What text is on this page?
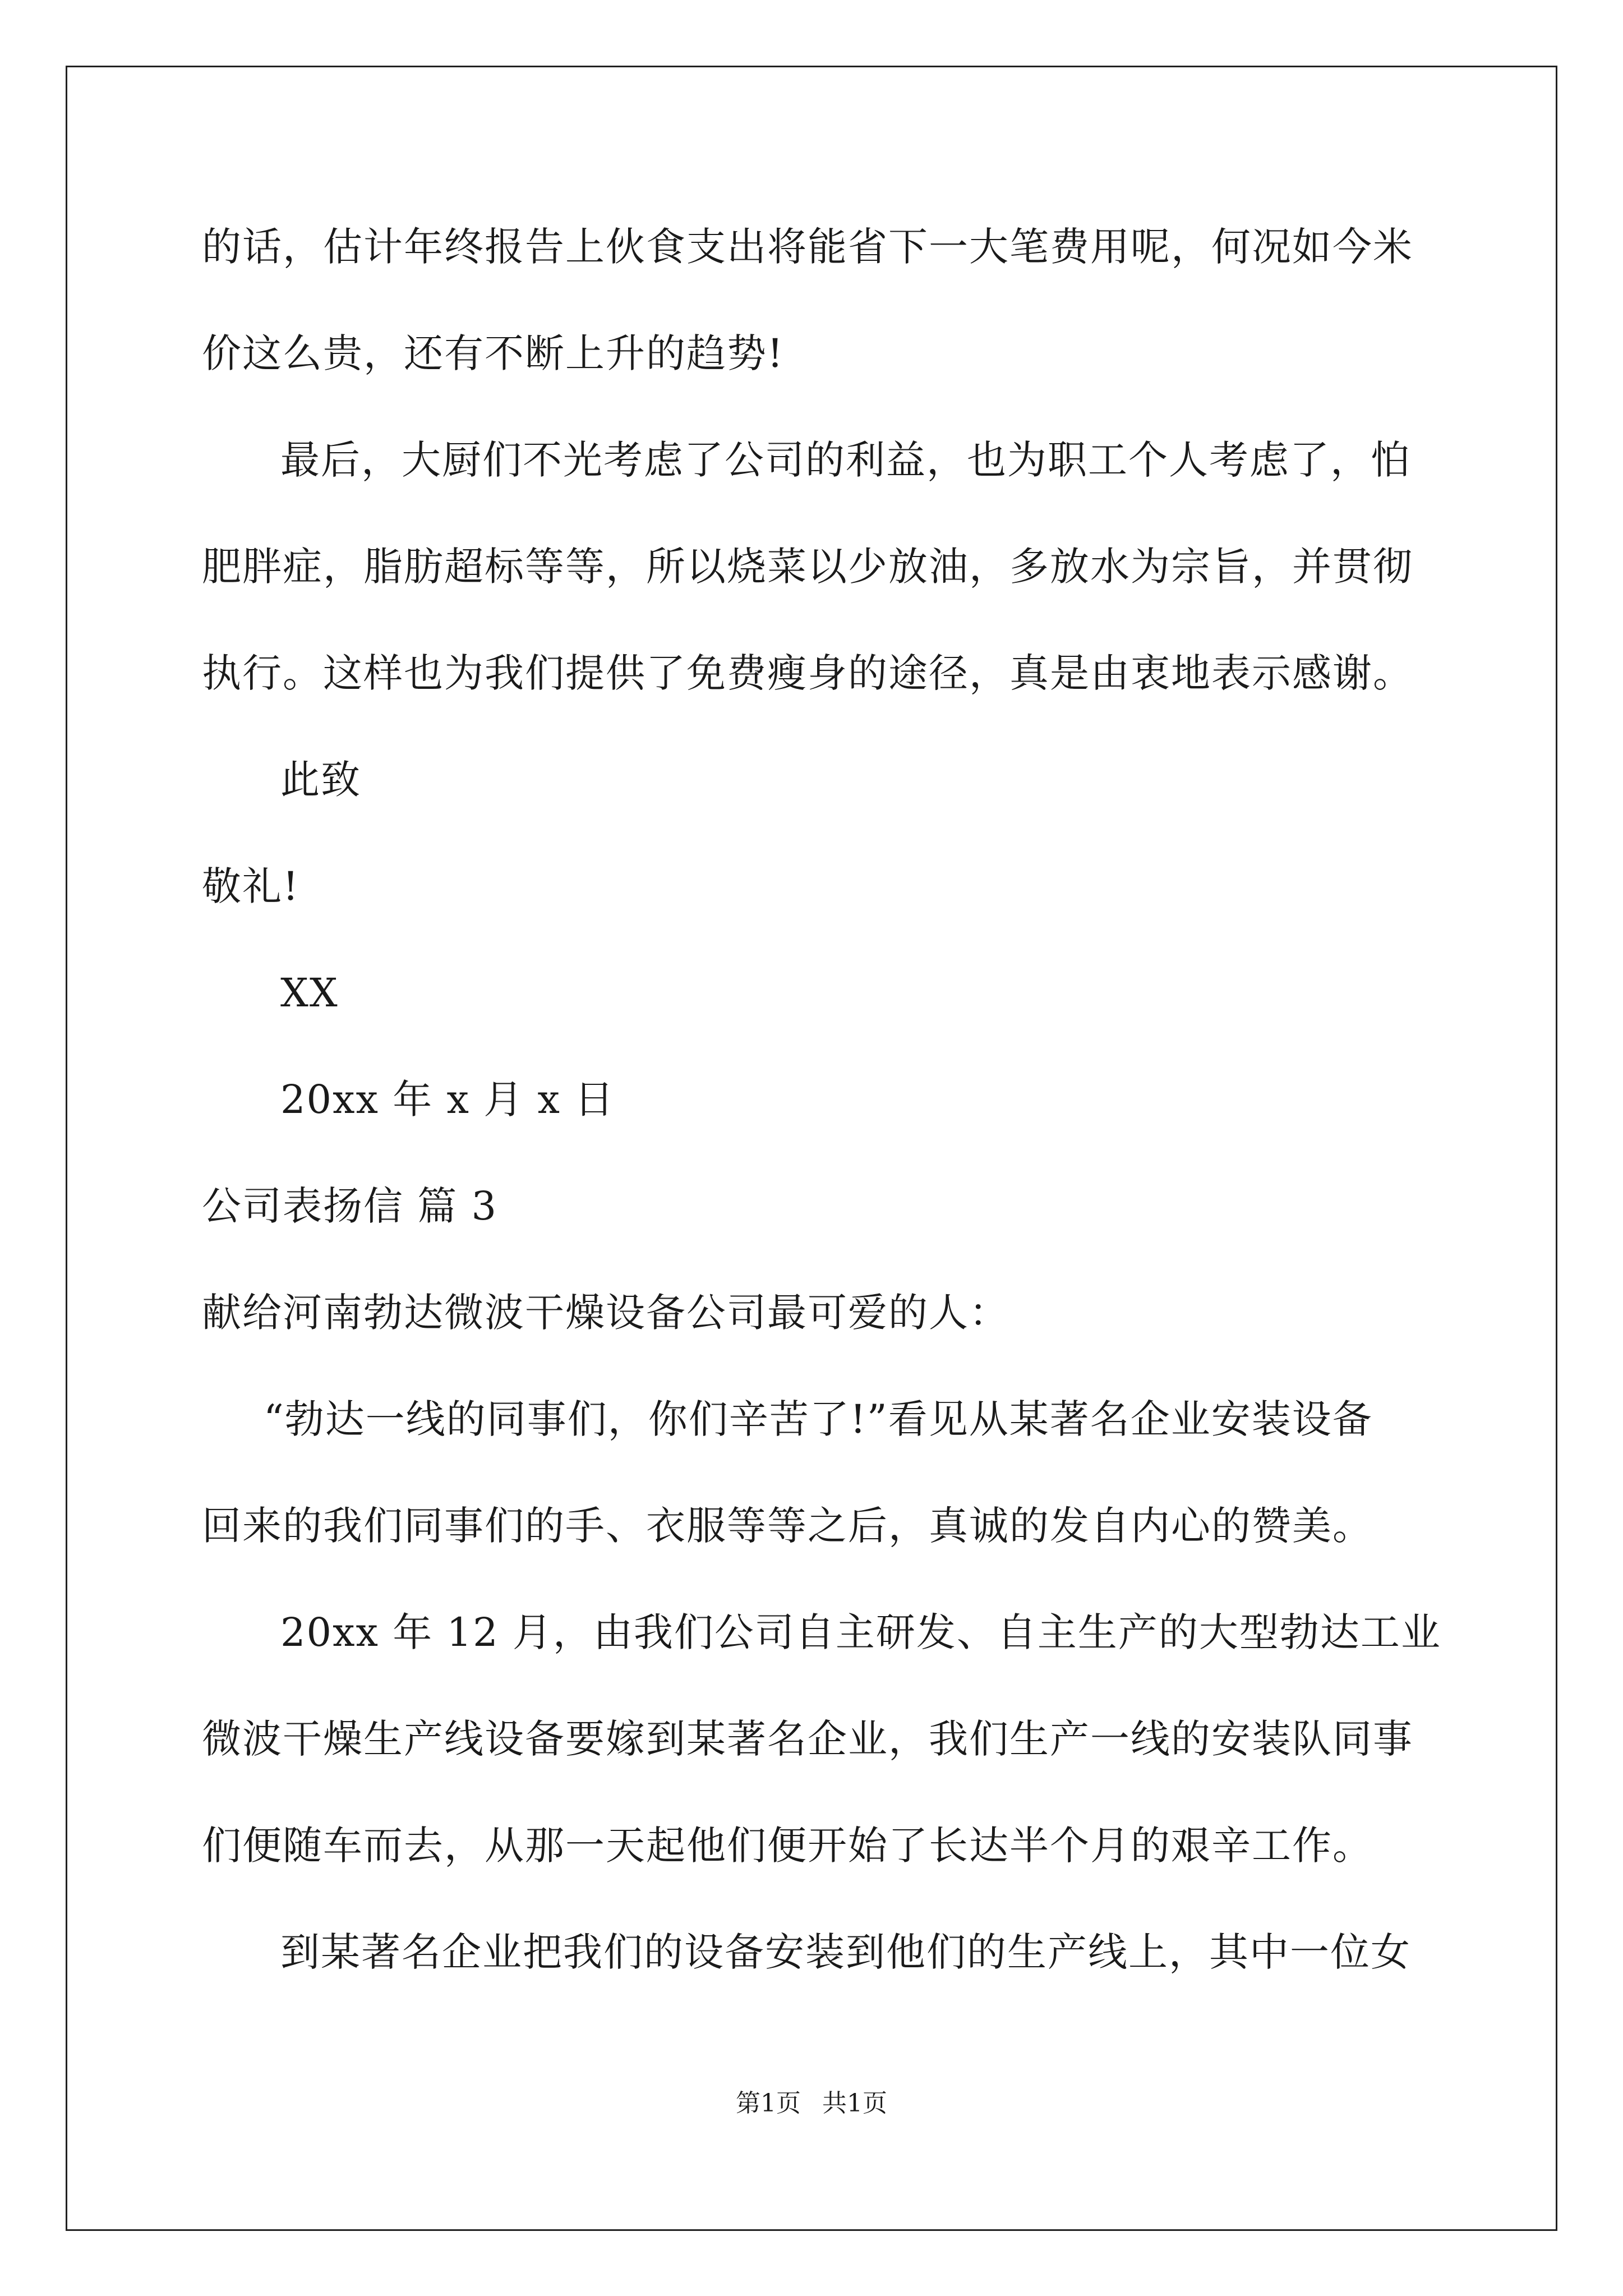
的话，估计年终报告上伙食支出将能省下一大笔费用呢，何况如今米
价这么贵，还有不断上升的趋势!
最后，大厨们不光考虑了公司的利益，也为职工个人考虑了，怕
肥胖症，脂肪超标等等，所以烧菜以少放油，多放水为宗旨，并贯彻
执行。这样也为我们提供了免费瘦身的途径，真是由衷地表示感谢。
此致
敬礼!
XX
20xx 年 x 月 x 日
公司表扬信 篇 3
献给河南勃达微波干燥设备公司最可爱的人：
“勃达一线的同事们，你们辛苦了!”看见从某著名企业安装设备
回来的我们同事们的手、衣服等等之后，真诚的发自内心的赞美。
20xx 年 12 月，由我们公司自主研发、自主生产的大型勃达工业
微波干燥生产线设备要嫁到某著名企业，我们生产一线的安装队同事
们便随车而去，从那一天起他们便开始了长达半个月的艰辛工作。
到某著名企业把我们的设备安装到他们的生产线上，其中一位女
第1页 共1页
